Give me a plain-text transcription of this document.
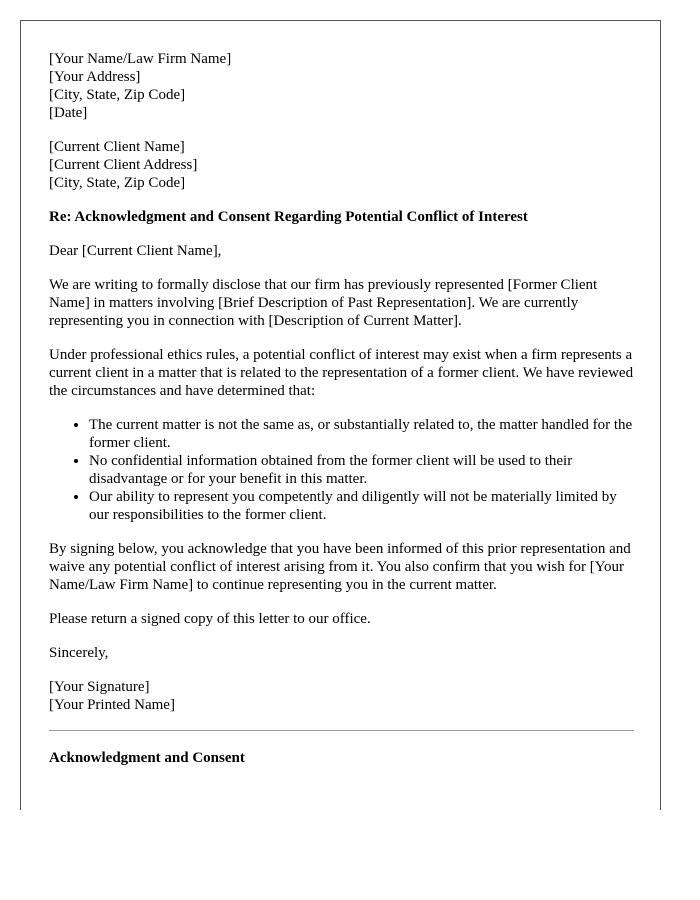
[Your Name/Law Firm Name]
[Your Address]
[City, State, Zip Code]
[Date]
[Current Client Name]
[Current Client Address]
[City, State, Zip Code]

Re: Acknowledgment and Consent Regarding Potential Conflict of Interest

Dear [Current Client Name],

We are writing to formally disclose that our firm has previously represented [Former Client Name] in matters involving [Brief Description of Past Representation]. We are currently representing you in connection with [Description of Current Matter].

Under professional ethics rules, a potential conflict of interest may exist when a firm represents a current client in a matter that is related to the representation of a former client. We have reviewed the circumstances and have determined that:

• The current matter is not the same as, or substantially related to, the matter handled for the former client.
• No confidential information obtained from the former client will be used to their disadvantage or for your benefit in this matter.
• Our ability to represent you competently and diligently will not be materially limited by our responsibilities to the former client.

By signing below, you acknowledge that you have been informed of this prior representation and waive any potential conflict of interest arising from it. You also confirm that you wish for [Your Name/Law Firm Name] to continue representing you in the current matter.

Please return a signed copy of this letter to our office.

Sincerely,

[Your Signature]
[Your Printed Name]

Acknowledgment and Consent
